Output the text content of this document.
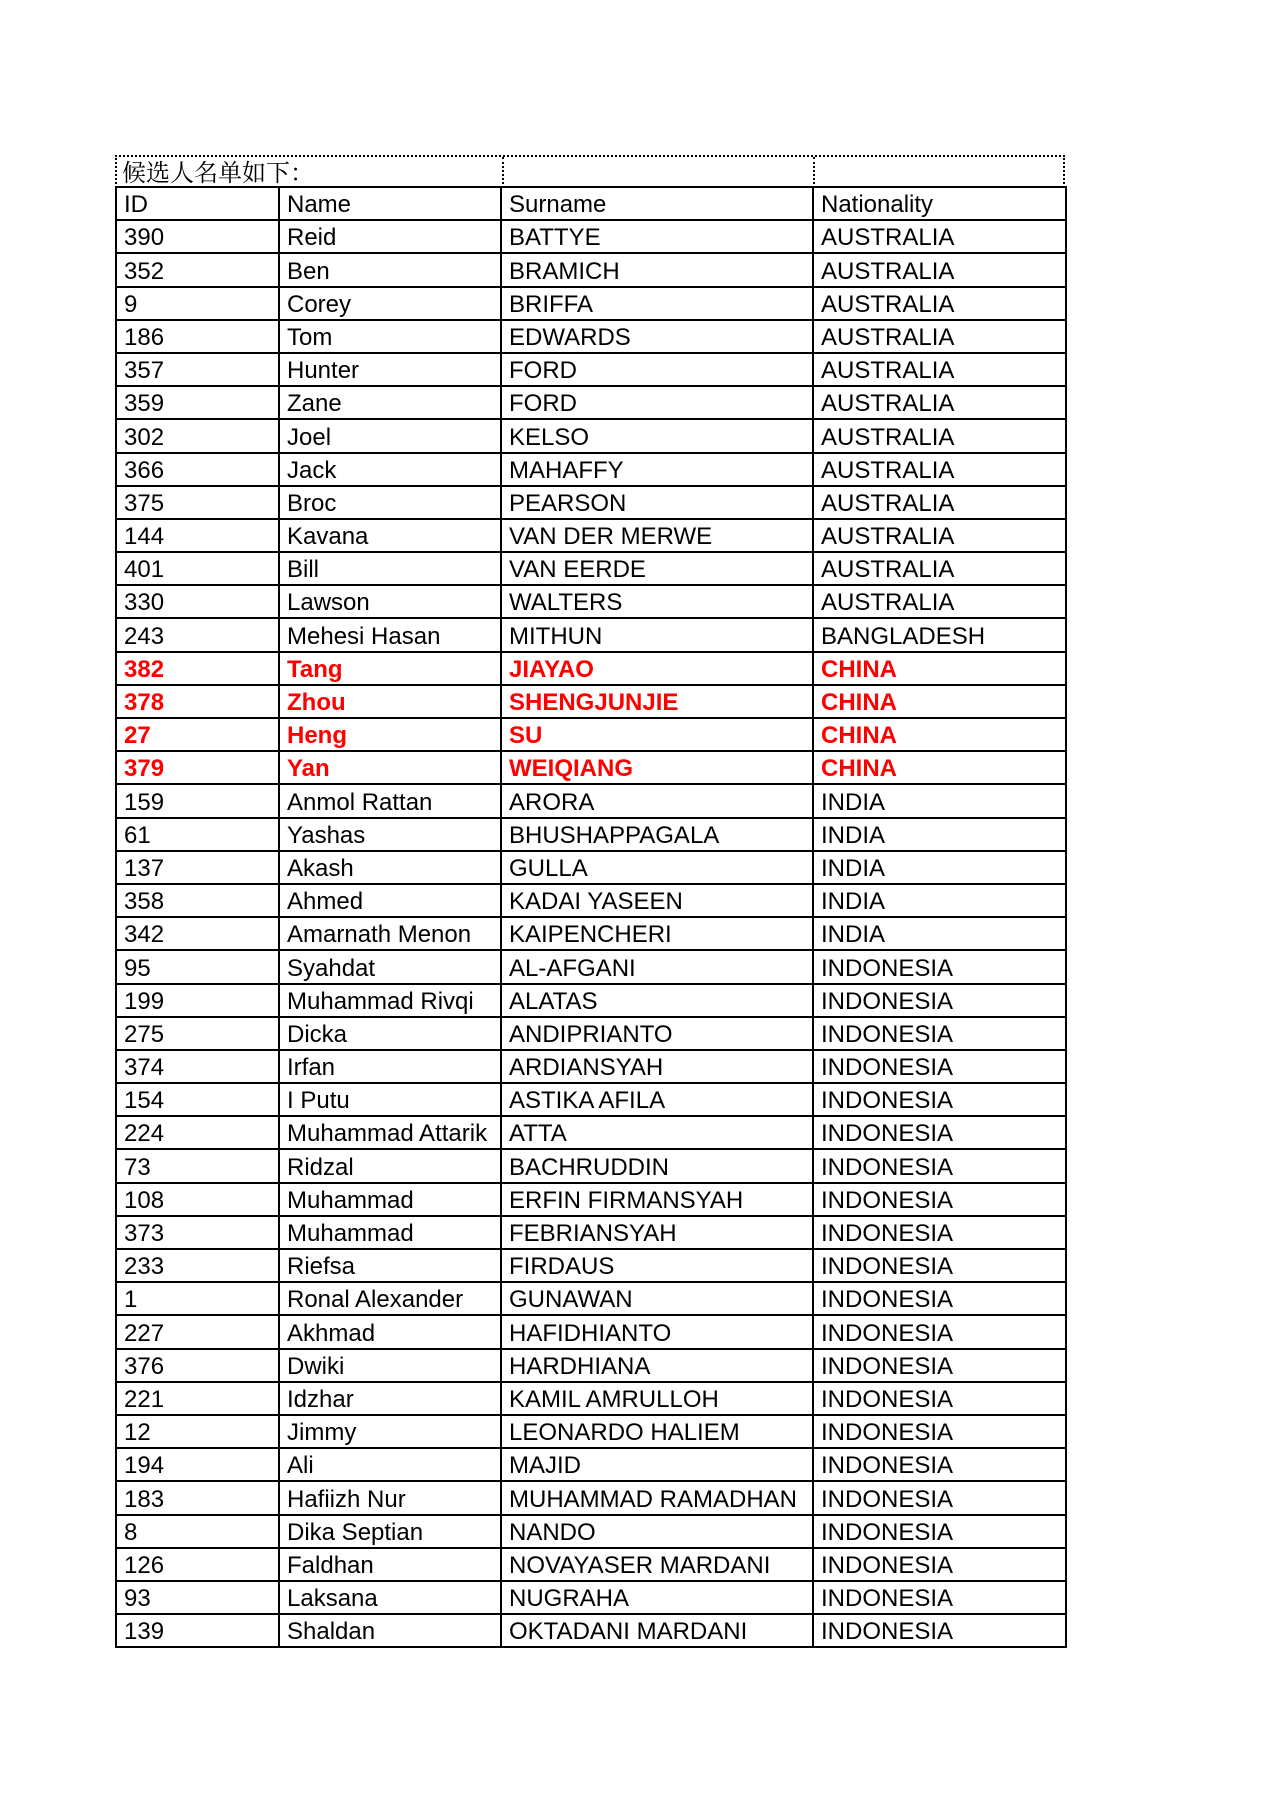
候选人名单如下：
ID	Name	Surname	Nationality
390	Reid	BATTYE	AUSTRALIA
352	Ben	BRAMICH	AUSTRALIA
9	Corey	BRIFFA	AUSTRALIA
186	Tom	EDWARDS	AUSTRALIA
357	Hunter	FORD	AUSTRALIA
359	Zane	FORD	AUSTRALIA
302	Joel	KELSO	AUSTRALIA
366	Jack	MAHAFFY	AUSTRALIA
375	Broc	PEARSON	AUSTRALIA
144	Kavana	VAN DER MERWE	AUSTRALIA
401	Bill	VAN EERDE	AUSTRALIA
330	Lawson	WALTERS	AUSTRALIA
243	Mehesi Hasan	MITHUN	BANGLADESH
382	Tang	JIAYAO	CHINA
378	Zhou	SHENGJUNJIE	CHINA
27	Heng	SU	CHINA
379	Yan	WEIQIANG	CHINA
159	Anmol Rattan	ARORA	INDIA
61	Yashas	BHUSHAPPAGALA	INDIA
137	Akash	GULLA	INDIA
358	Ahmed	KADAI YASEEN	INDIA
342	Amarnath Menon	KAIPENCHERI	INDIA
95	Syahdat	AL-AFGANI	INDONESIA
199	Muhammad Rivqi	ALATAS	INDONESIA
275	Dicka	ANDIPRIANTO	INDONESIA
374	Irfan	ARDIANSYAH	INDONESIA
154	I Putu	ASTIKA AFILA	INDONESIA
224	Muhammad Attarik	ATTA	INDONESIA
73	Ridzal	BACHRUDDIN	INDONESIA
108	Muhammad	ERFIN FIRMANSYAH	INDONESIA
373	Muhammad	FEBRIANSYAH	INDONESIA
233	Riefsa	FIRDAUS	INDONESIA
1	Ronal Alexander	GUNAWAN	INDONESIA
227	Akhmad	HAFIDHIANTO	INDONESIA
376	Dwiki	HARDHIANA	INDONESIA
221	Idzhar	KAMIL AMRULLOH	INDONESIA
12	Jimmy	LEONARDO HALIEM	INDONESIA
194	Ali	MAJID	INDONESIA
183	Hafiizh Nur	MUHAMMAD RAMADHAN	INDONESIA
8	Dika Septian	NANDO	INDONESIA
126	Faldhan	NOVAYASER MARDANI	INDONESIA
93	Laksana	NUGRAHA	INDONESIA
139	Shaldan	OKTADANI MARDANI	INDONESIA
